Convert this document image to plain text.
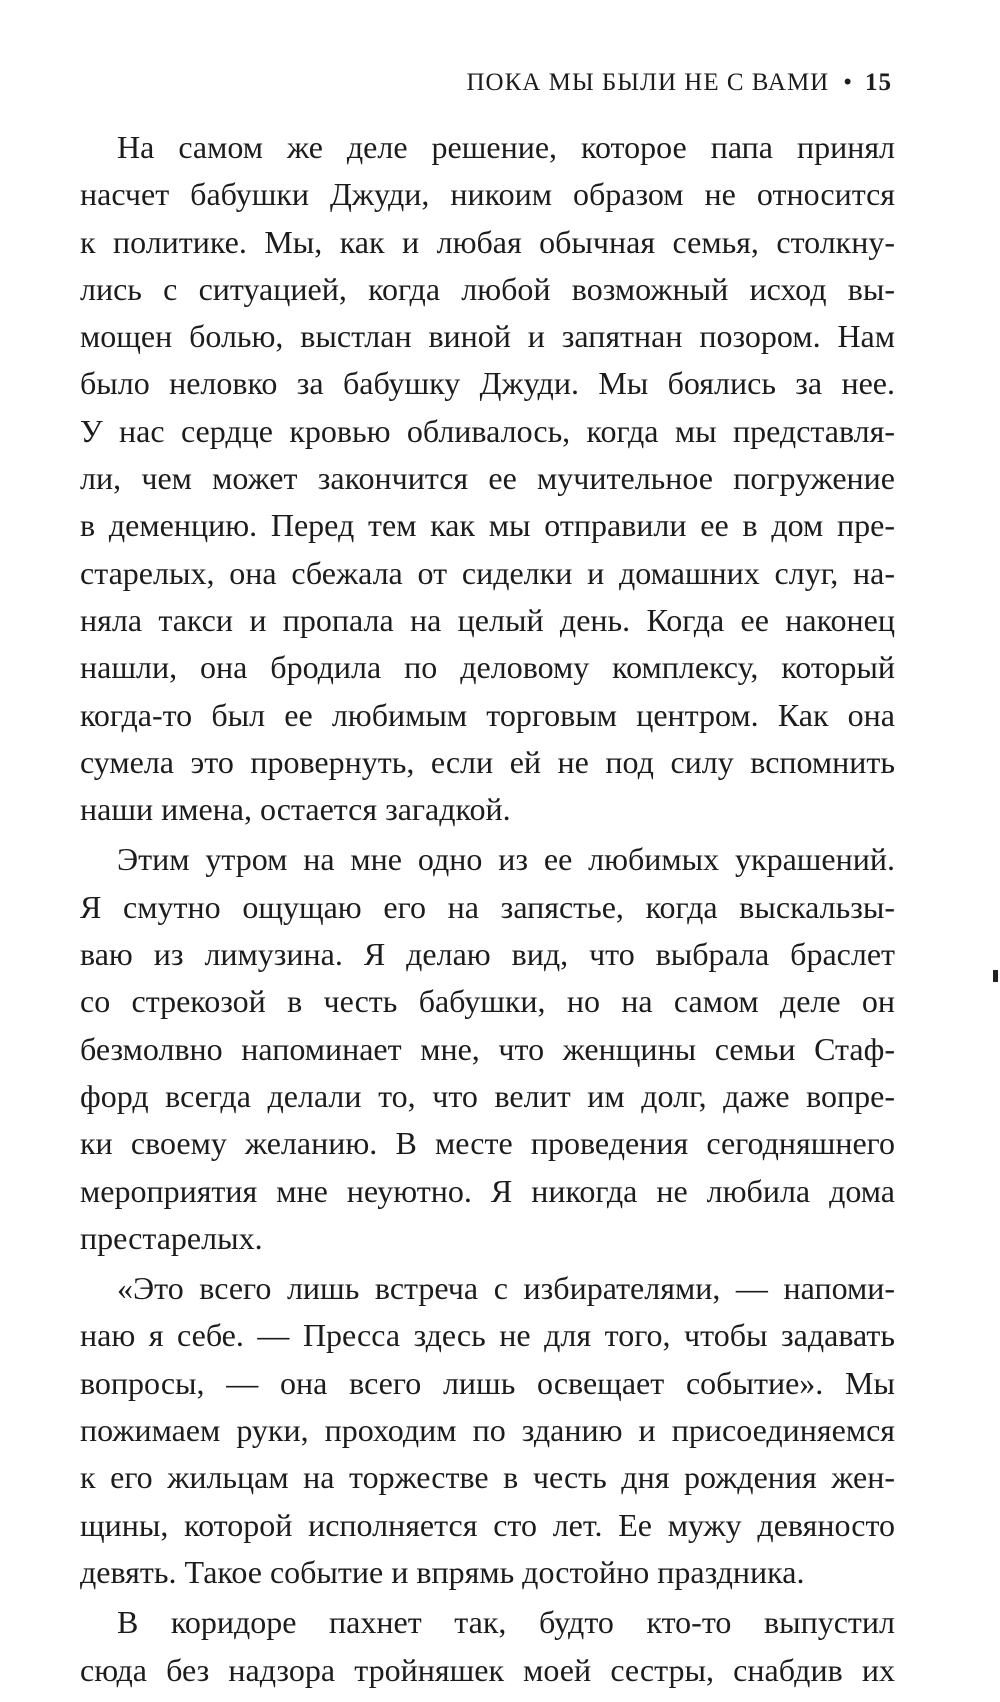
ПОКА МЫ БЫЛИ НЕ С ВАМИ • 15
На самом же деле решение, которое папа принял
насчет бабушки Джуди, никоим образом не относится
к политике. Мы, как и любая обычная семья, столкну-
лись с ситуацией, когда любой возможный исход вы-
мощен болью, выстлан виной и запятнан позором. Нам
было неловко за бабушку Джуди. Мы боялись за нее.
У нас сердце кровью обливалось, когда мы представля-
ли, чем может закончится ее мучительное погружение
в деменцию. Перед тем как мы отправили ее в дом пре-
старелых, она сбежала от сиделки и домашних слуг, на-
няла такси и пропала на целый день. Когда ее наконец
нашли, она бродила по деловому комплексу, который
когда-то был ее любимым торговым центром. Как она
сумела это провернуть, если ей не под силу вспомнить
наши имена, остается загадкой.
Этим утром на мне одно из ее любимых украшений.
Я смутно ощущаю его на запястье, когда выскальзы-
ваю из лимузина. Я делаю вид, что выбрала браслет
со стрекозой в честь бабушки, но на самом деле он
безмолвно напоминает мне, что женщины семьи Стаф-
форд всегда делали то, что велит им долг, даже вопре-
ки своему желанию. В месте проведения сегодняшнего
мероприятия мне неуютно. Я никогда не любила дома
престарелых.
«Это всего лишь встреча с избирателями, — напоми-
наю я себе. — Пресса здесь не для того, чтобы задавать
вопросы, — она всего лишь освещает событие». Мы
пожимаем руки, проходим по зданию и присоединяемся
к его жильцам на торжестве в честь дня рождения жен-
щины, которой исполняется сто лет. Ее мужу девяносто
девять. Такое событие и впрямь достойно праздника.
В коридоре пахнет так, будто кто-то выпустил
сюда без надзора тройняшек моей сестры, снабдив их
